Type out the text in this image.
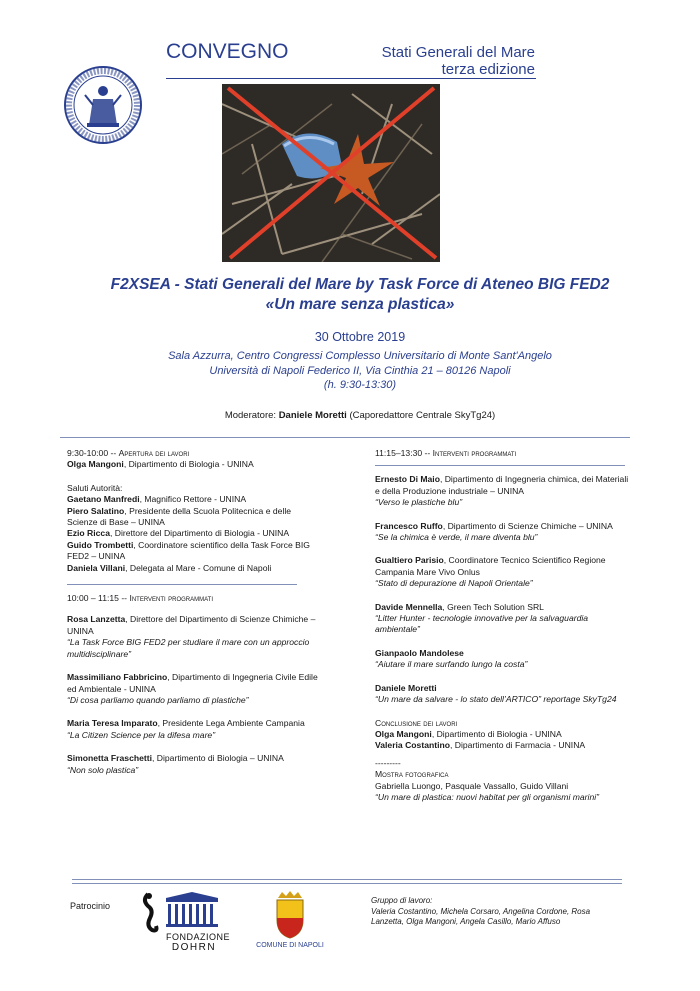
CONVEGNO	Stati Generali del Mare
terza edizione
F2XSEA - Stati Generali del Mare by Task Force di Ateneo BIG FED2
«Un mare senza plastica»
30 Ottobre 2019
Sala Azzurra, Centro Congressi Complesso Universitario di Monte Sant'Angelo
Università di Napoli Federico II, Via Cinthia 21 – 80126 Napoli
(h. 9:30-13:30)
Moderatore: Daniele Moretti (Caporedattore Centrale SkyTg24)

9:30-10:00 -- Apertura dei lavori

Olga Mangoni, Dipartimento di Biologia - UNINA

Saluti Autorità:

Gaetano Manfredi, Magnifico Rettore - UNINA

Piero Salatino, Presidente della Scuola Politecnica e delle Scienze di Base – UNINA

Ezio Ricca, Direttore del Dipartimento di Biologia - UNINA

Guido Trombetti, Coordinatore scientifico della Task Force BIG FED2 – UNINA

Daniela Villani, Delegata al Mare - Comune di Napoli

10:00 – 11:15 -- Interventi programmati

Rosa Lanzetta, Direttore del Dipartimento di Scienze Chimiche – UNINA

“La Task Force BIG FED2 per studiare il mare con un approccio multidisciplinare”

Massimiliano Fabbricino, Dipartimento di Ingegneria Civile Edile ed Ambientale - UNINA

“Di cosa parliamo quando parliamo di plastiche”

Maria Teresa Imparato, Presidente Lega Ambiente Campania

“La Citizen Science per la difesa mare”

Simonetta Fraschetti, Dipartimento di Biologia – UNINA

“Non solo plastica”

11:15–13:30 -- Interventi programmati

Ernesto Di Maio, Dipartimento di Ingegneria chimica, dei Materiali e della Produzione industriale – UNINA

“Verso le plastiche blu”

Francesco Ruffo, Dipartimento di Scienze Chimiche – UNINA

“Se la chimica è verde, il mare diventa blu”

Gualtiero Parisio, Coordinatore Tecnico Scientifico Regione Campania Mare Vivo Onlus

“Stato di depurazione di Napoli Orientale”

Davide Mennella, Green Tech Solution SRL

“Litter Hunter - tecnologie innovative per la salvaguardia ambientale”

Gianpaolo Mandolese

“Aiutare il mare surfando lungo la costa”

Daniele Moretti

“Un mare da salvare - lo stato dell’ARTICO” reportage SkyTg24

Conclusione dei lavori

Olga Mangoni, Dipartimento di Biologia - UNINA

Valeria Costantino, Dipartimento di Farmacia - UNINA

---------

Mostra fotografica

Gabriella Luongo, Pasquale Vassallo, Guido Villani

“Un mare di plastica: nuovi habitat per gli organismi marini”

Patrocinio
FONDAZIONE
DOHRN	COMUNE DI NAPOLI
Gruppo di lavoro:
Valeria Costantino, Michela Corsaro, Angelina Cordone, Rosa Lanzetta, Olga Mangoni, Angela Casillo, Mario Affuso
